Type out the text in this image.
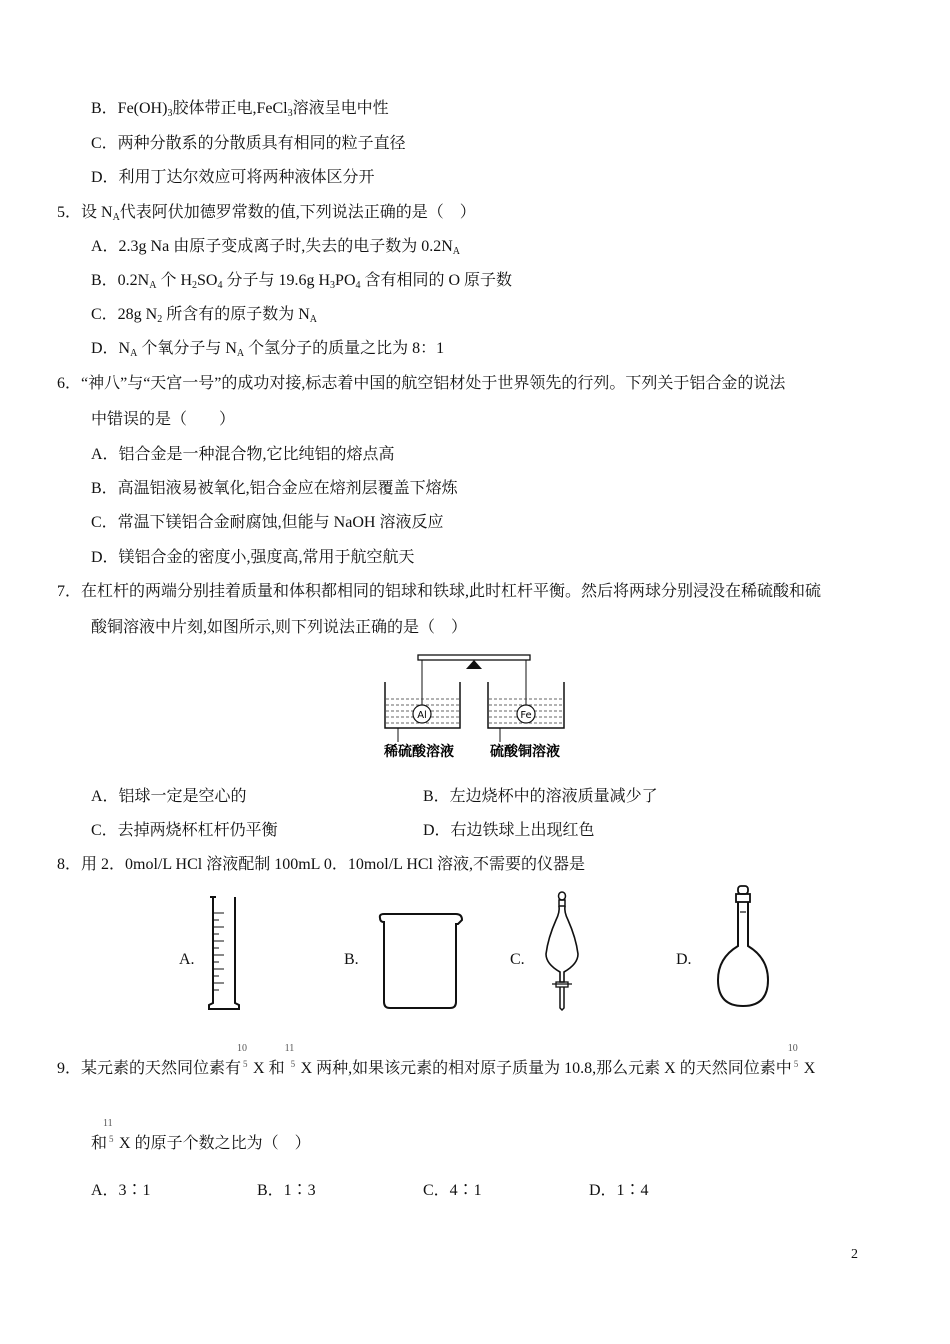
B．$Fe(OH)_3$胶体带正电,FeCl$_3$溶液呈电中性
C．两种分散系的分散质具有相同的粒子直径
D．利用丁达尔效应可将两种液体区分开
5．设 $N_A$代表阿伏加德罗常数的值,下列说法正确的是（　）
A．2.3g Na 由原子变成离子时,失去的电子数为 $0.2N_A$
B．$0.2N_A$ 个 $H_2SO_4$ 分子与 19.6g $H_3PO_4$ 含有相同的 O 原子数
C．28g $N_2$ 所含有的原子数为 $N_A$
D．$N_A$ 个氧分子与 $N_A$ 个氢分子的质量之比为 8：1
6．“神八”与“天宫一号”的成功对接,标志着中国的航空铝材处于世界领先的行列。下列关于铝合金的说法
中错误的是（　　）
A．铝合金是一种混合物,它比纯铝的熔点高
B．高温铝液易被氧化,铝合金应在熔剂层覆盖下熔炼
C．常温下镁铝合金耐腐蚀,但能与 NaOH 溶液反应
D．镁铝合金的密度小,强度高,常用于航空航天
7．在杠杆的两端分别挂着质量和体积都相同的铝球和铁球,此时杠杆平衡。然后将两球分别浸没在稀硫酸和硫
酸铜溶液中片刻,如图所示,则下列说法正确的是（　）
Al	Fe
稀硫酸溶液	硫酸铜溶液
A．铝球一定是空心的	B．左边烧杯中的溶液质量减少了
C．去掉两烧杯杠杆仍平衡	D．右边铁球上出现红色
8．用 2．0mol/L HCl 溶液配制 100mL 0．10mol/L HCl 溶液,不需要的仪器是
A.	B.	C.	D.
9．某元素的天然同位素有
10
5 X 和
11
5 X 两种,如果该元素的相对原子质量为 10.8,那么元素 X 的天然同位素中
10
5 X
和
11
5 X 的原子个数之比为（　）
A．3∶1	B．1∶3	C．4∶1	D．1∶4
2
